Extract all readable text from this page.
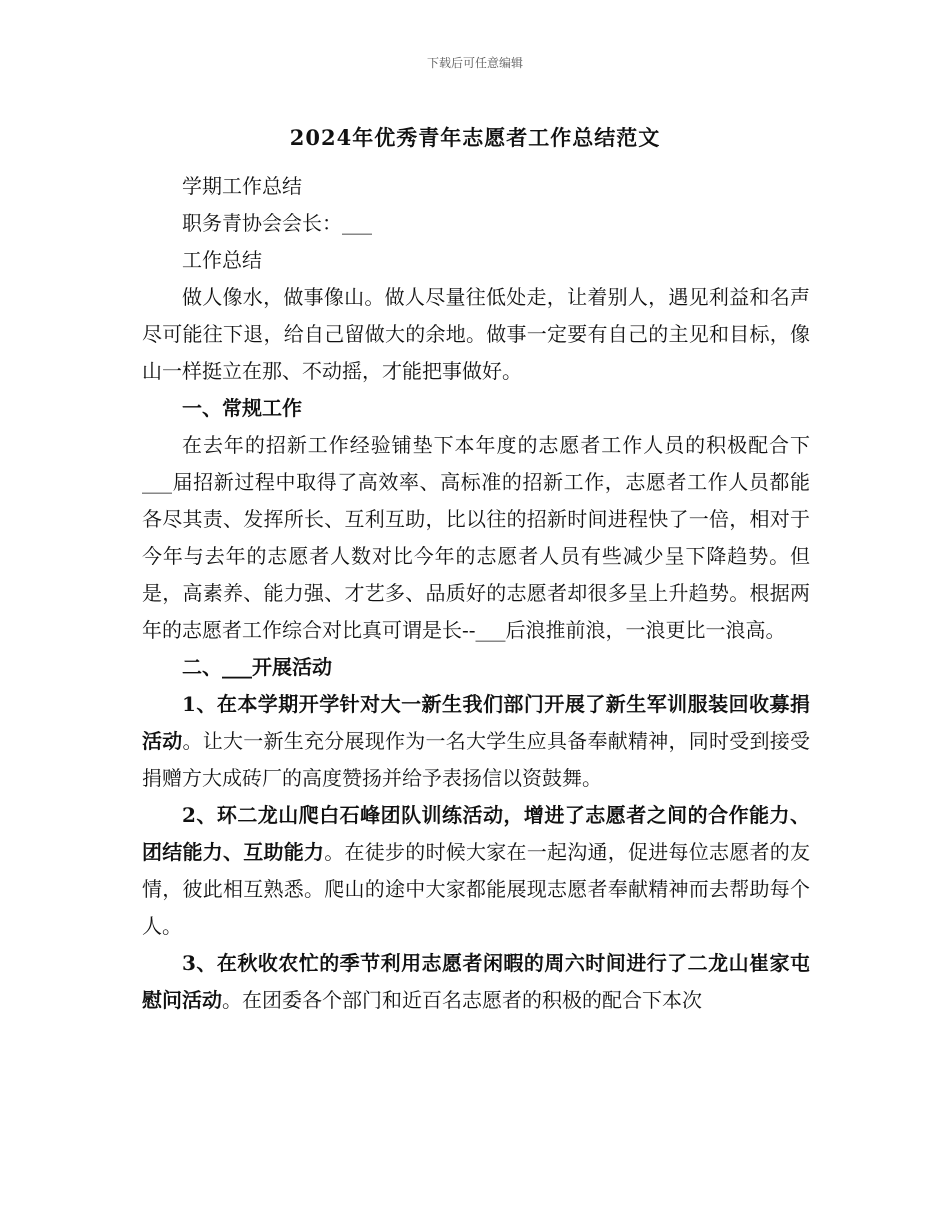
下载后可任意编辑
2024年优秀青年志愿者工作总结范文

学期工作总结

职务青协会会长：___

工作总结

做人像水，做事像山。做人尽量往低处走，让着别人，遇见利益和名声尽可能往下退，给自己留做大的余地。做事一定要有自己的主见和目标，像山一样挺立在那、不动摇，才能把事做好。

一、常规工作

在去年的招新工作经验铺垫下本年度的志愿者工作人员的积极配合下___届招新过程中取得了高效率、高标准的招新工作，志愿者工作人员都能各尽其责、发挥所长、互利互助，比以往的招新时间进程快了一倍，相对于今年与去年的志愿者人数对比今年的志愿者人员有些减少呈下降趋势。但是，高素养、能力强、才艺多、品质好的志愿者却很多呈上升趋势。根据两年的志愿者工作综合对比真可谓是长--___后浪推前浪，一浪更比一浪高。

二、___开展活动

1、在本学期开学针对大一新生我们部门开展了新生军训服装回收募捐活动。让大一新生充分展现作为一名大学生应具备奉献精神，同时受到接受捐赠方大成砖厂的高度赞扬并给予表扬信以资鼓舞。

2、环二龙山爬白石峰团队训练活动，增进了志愿者之间的合作能力、团结能力、互助能力。在徒步的时候大家在一起沟通，促进每位志愿者的友情，彼此相互熟悉。爬山的途中大家都能展现志愿者奉献精神而去帮助每个人。

3、在秋收农忙的季节利用志愿者闲暇的周六时间进行了二龙山崔家屯慰问活动。在团委各个部门和近百名志愿者的积极的配合下本次
